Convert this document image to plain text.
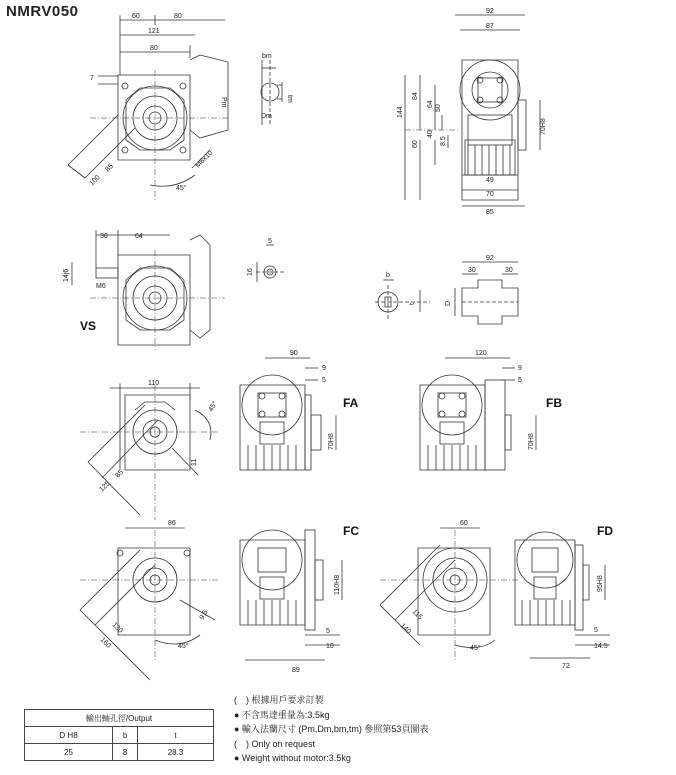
NMRV050	60	80
121
80
7
Pm
100
85	M8x10
45°
bm
tm
Dm
92
87
144
84
64
50
60
40
8.5
70H8
49
70
85
30	64
14j6
M6
5
16
92
30	30
b
t	D
110
45°
85
125
11
90
9
5
70H8
120
9
5
70H8
86
9.5
130
160	45°
110H8
5
10
89
60
115
140
45°
95H8
5
14.5
72
VS
FA	FB
FC	FD
輸出軸孔徑/Output		
D H8	b	t
25	8	28.3
(　) 根據用戶要求訂製
● 不含馬達重量為:3.5kg
● 輸入法蘭尺寸 (Pm,Dm,bm,tm) 參照第53頁圖表
(　) Only on request
● Weight without motor:3.5kg
